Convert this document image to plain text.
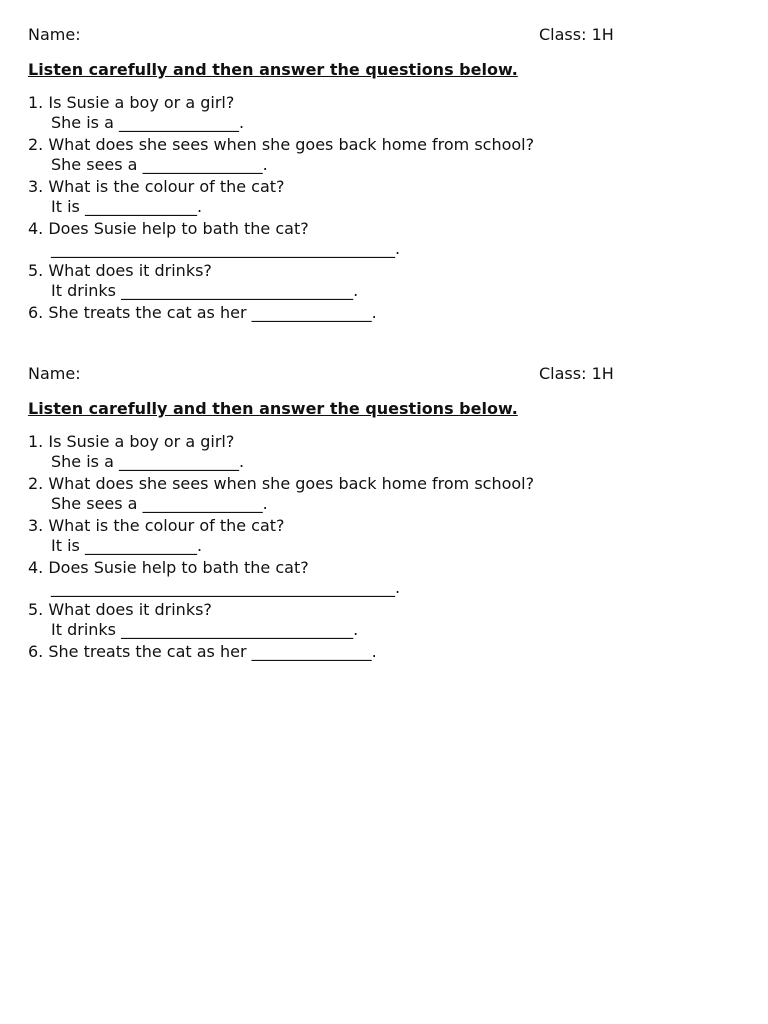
Name:	Class: 1H
Listen carefully and then answer the questions below.
1. Is Susie a boy or a girl?
She is a _______________.
2. What does she sees when she goes back home from school?
She sees a _______________.
3. What is the colour of the cat?
It is ______________.
4. Does Susie help to bath the cat?
___________________________________________.
5. What does it drinks?
It drinks _____________________________.
6. She treats the cat as her _______________.
Name:	Class: 1H
Listen carefully and then answer the questions below.
1. Is Susie a boy or a girl?
She is a _______________.
2. What does she sees when she goes back home from school?
She sees a _______________.
3. What is the colour of the cat?
It is ______________.
4. Does Susie help to bath the cat?
___________________________________________.
5. What does it drinks?
It drinks _____________________________.
6. She treats the cat as her _______________.
